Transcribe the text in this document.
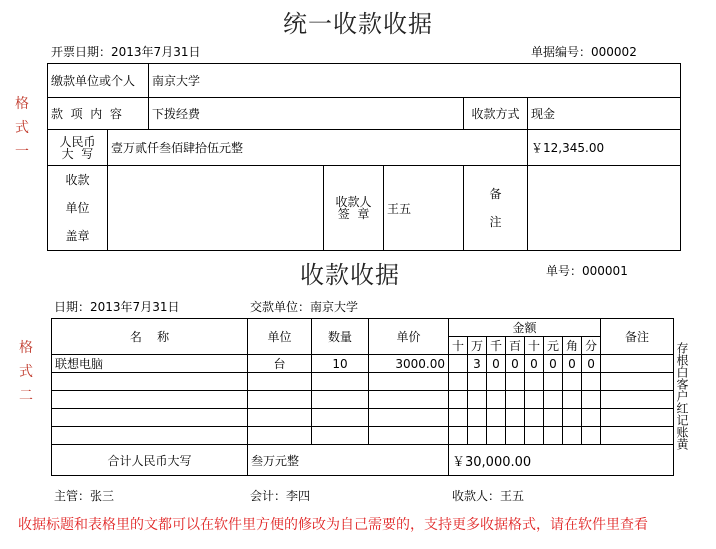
统一收款收据
开票日期：2013年7月31日	单据编号：000002
格
式
一
缴款单位或个人		南京大学				
款  项  内  容		下拨经费			收款方式	现金

人民币
大  写	壹万贰仟叁佰肆拾伍元整					￥12,345.00

收款
单位
盖章

收款人
签  章	王五	
备
注

收款收据	单号：000001
日期：2013年7月31日	交款单位：南京大学
格
式
二
名    称	单位	数量	单价	金额								备注
				十	万	千	百	十	元	角	分	
联想电脑	台	10	3000.00		3	0	0	0	0	0	0	

合计人民币大写	叁万元整			￥30,000.00								
存根白客户红记账黄
主管：张三	会计：李四	收款人：王五
收据标题和表格里的文都可以在软件里方便的修改为自己需要的，支持更多收据格式，请在软件里查看
